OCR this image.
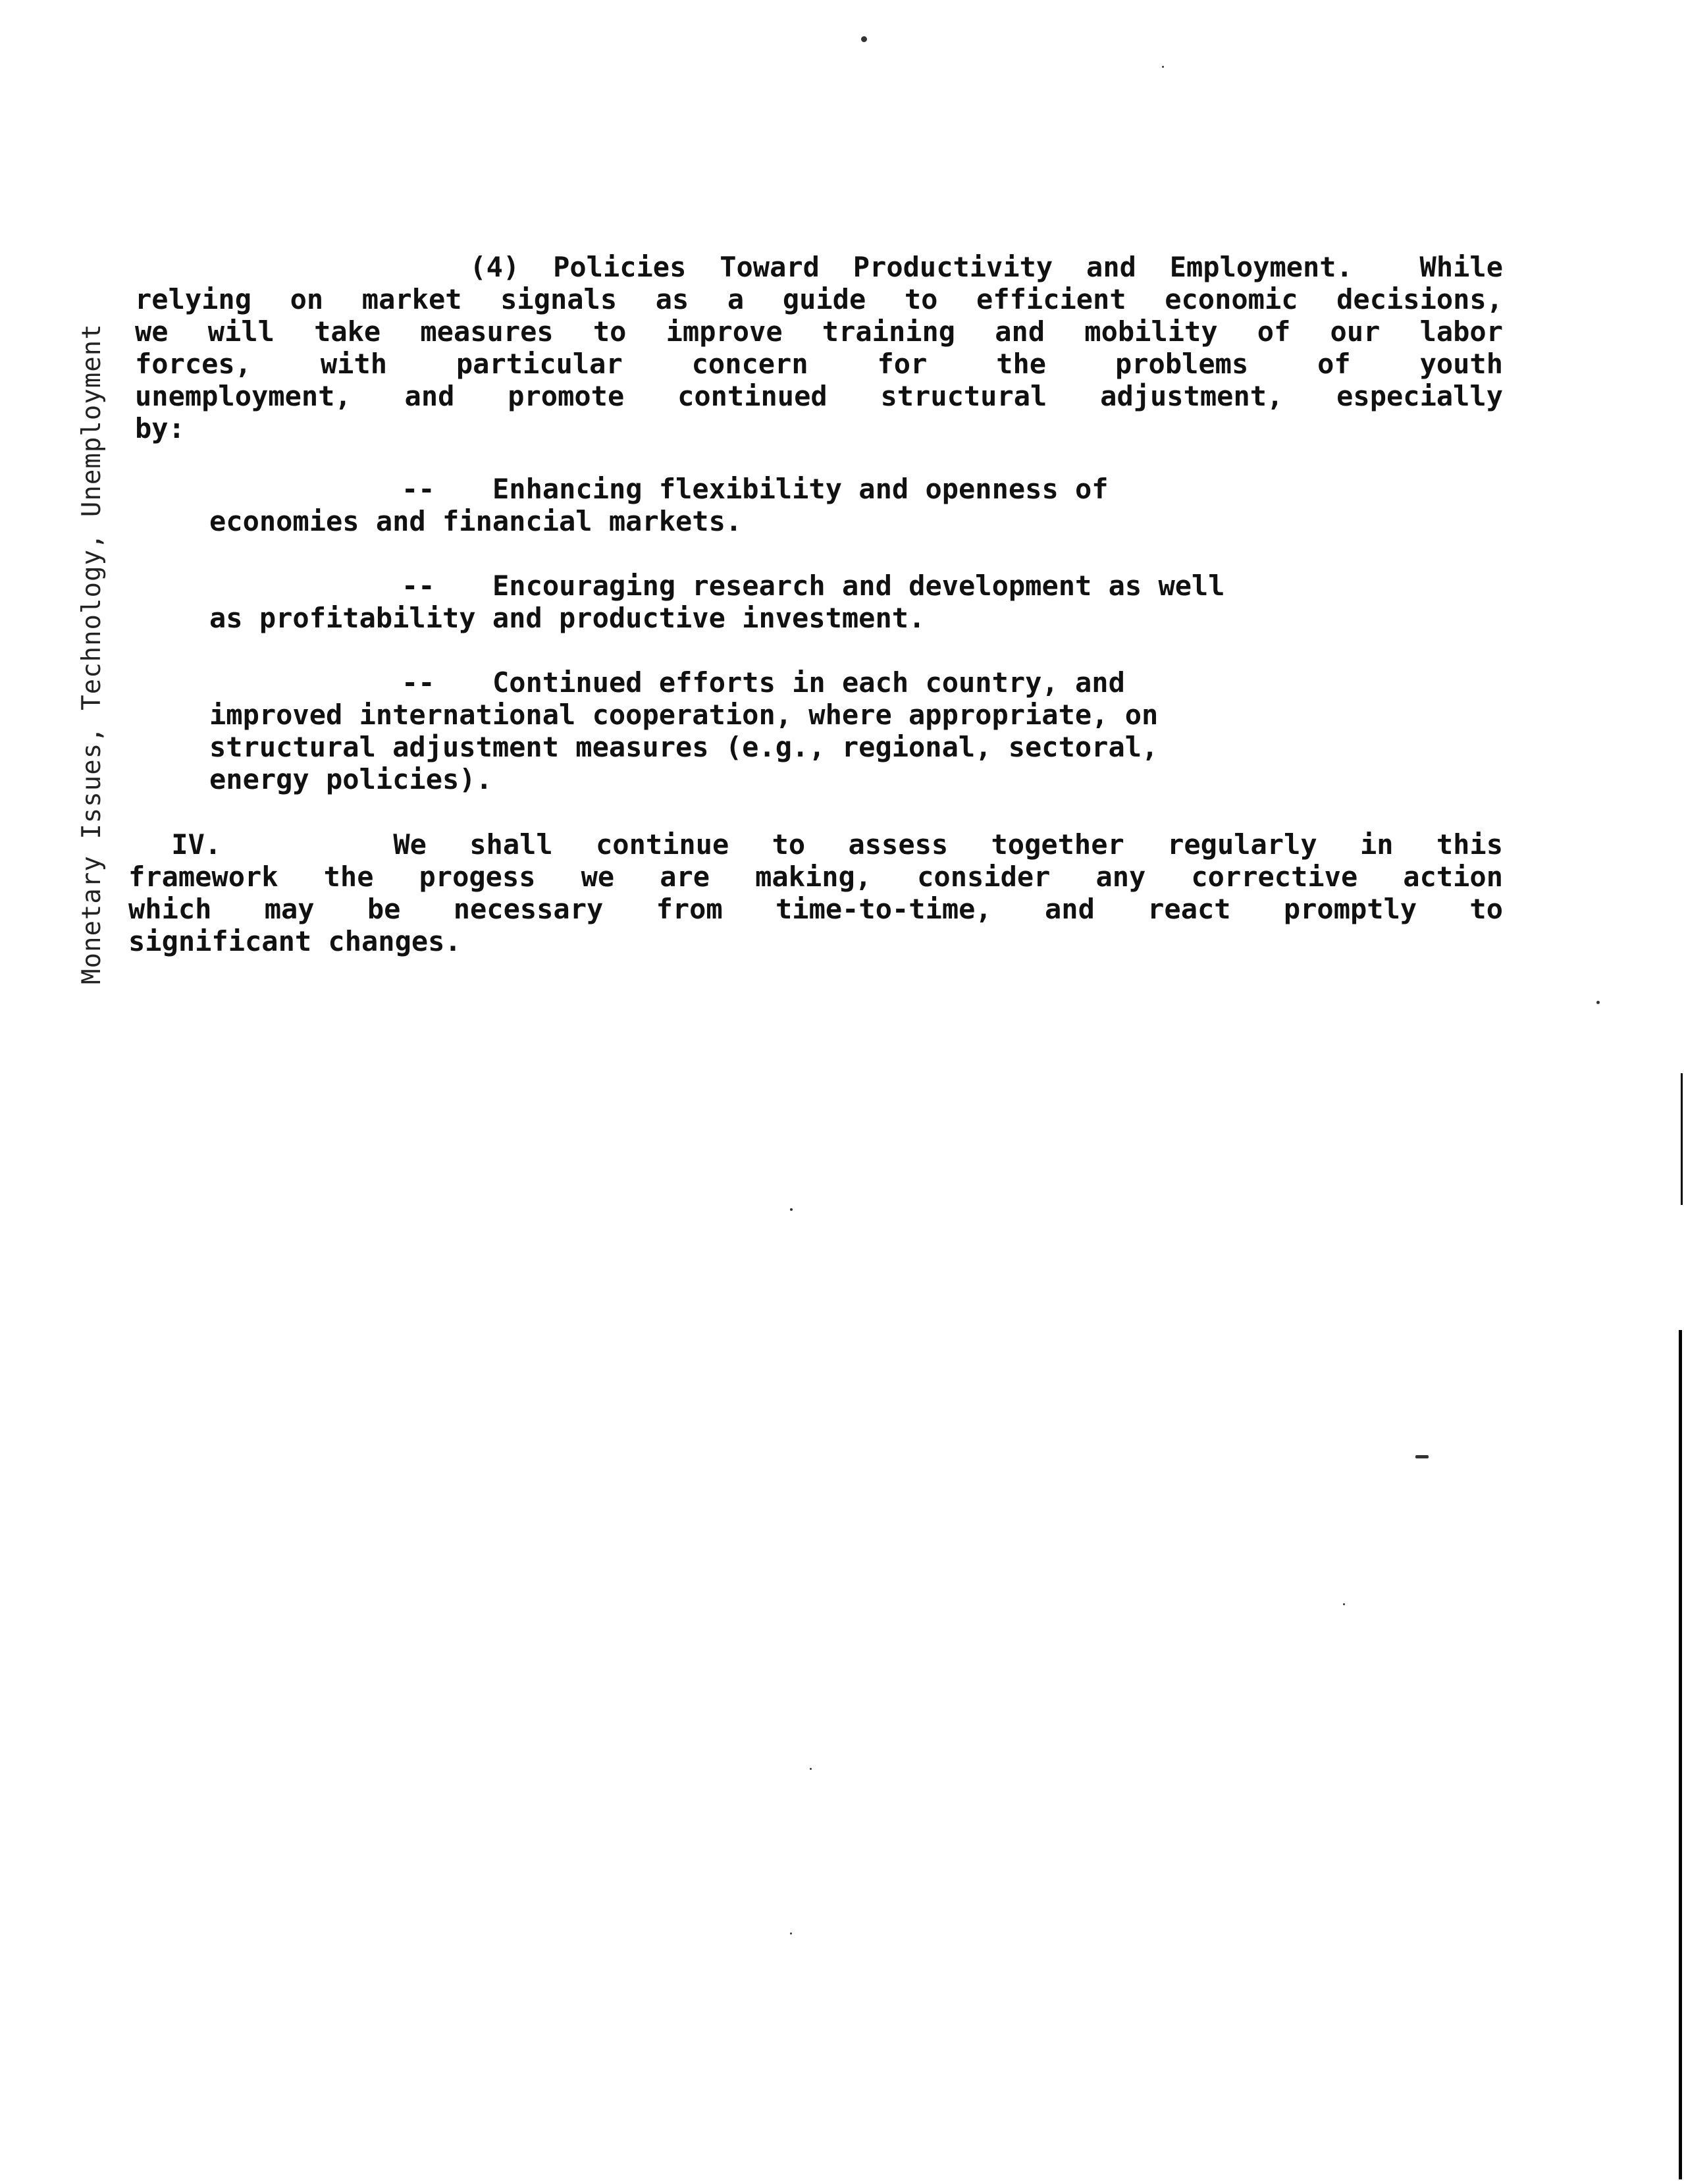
Monetary Issues, Technology, Unemployment
(4) Policies Toward Productivity and Employment.  While
relying on market signals as a guide to efficient economic decisions,
we will take measures to improve training and mobility of our labor
forces, with particular concern for the problems of youth
unemployment, and promote continued structural adjustment, especially
by:
-- Enhancing flexibility and openness of
economies and financial markets.
-- Encouraging research and development as well
as profitability and productive investment.
-- Continued efforts in each country, and
improved international cooperation, where appropriate, on
structural adjustment measures (e.g., regional, sectoral,
energy policies).
IV.    We shall continue to assess together regularly in this
framework the progess we are making, consider any corrective action
which may be necessary from time-to-time, and react promptly to
significant changes.
